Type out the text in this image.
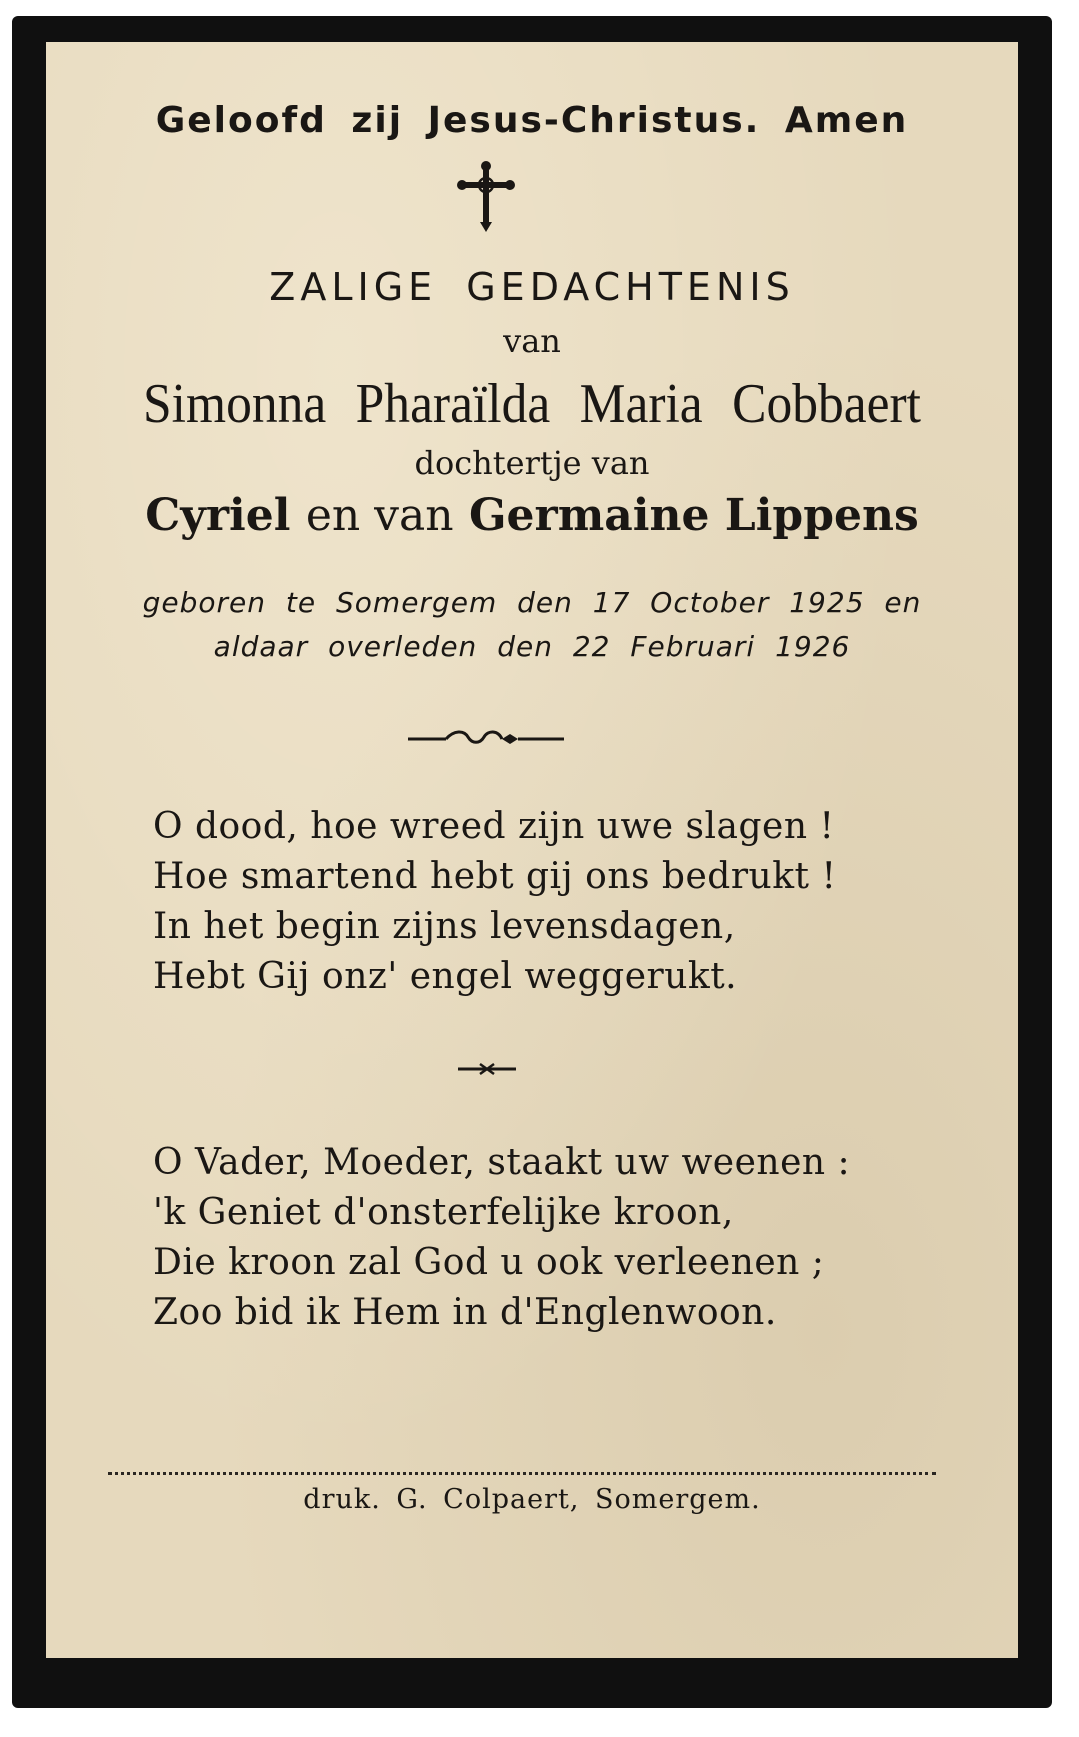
Geloofd zij Jesus-Christus. Amen

ZALIGE GEDACHTENIS

van

Simonna Pharaïlda Maria Cobbaert

dochtertje van

Cyriel en van Germaine Lippens

geboren te Somergem den 17 October 1925 en

aldaar overleden den 22 Februari 1926

O dood, hoe wreed zijn uwe slagen !
Hoe smartend hebt gij ons bedrukt !
In het begin zijns levensdagen,
Hebt Gij onz' engel weggerukt.
O Vader, Moeder, staakt uw weenen :
'k Geniet d'onsterfelijke kroon,
Die kroon zal God u ook verleenen ;
Zoo bid ik Hem in d'Englenwoon.

druk. G. Colpaert, Somergem.
